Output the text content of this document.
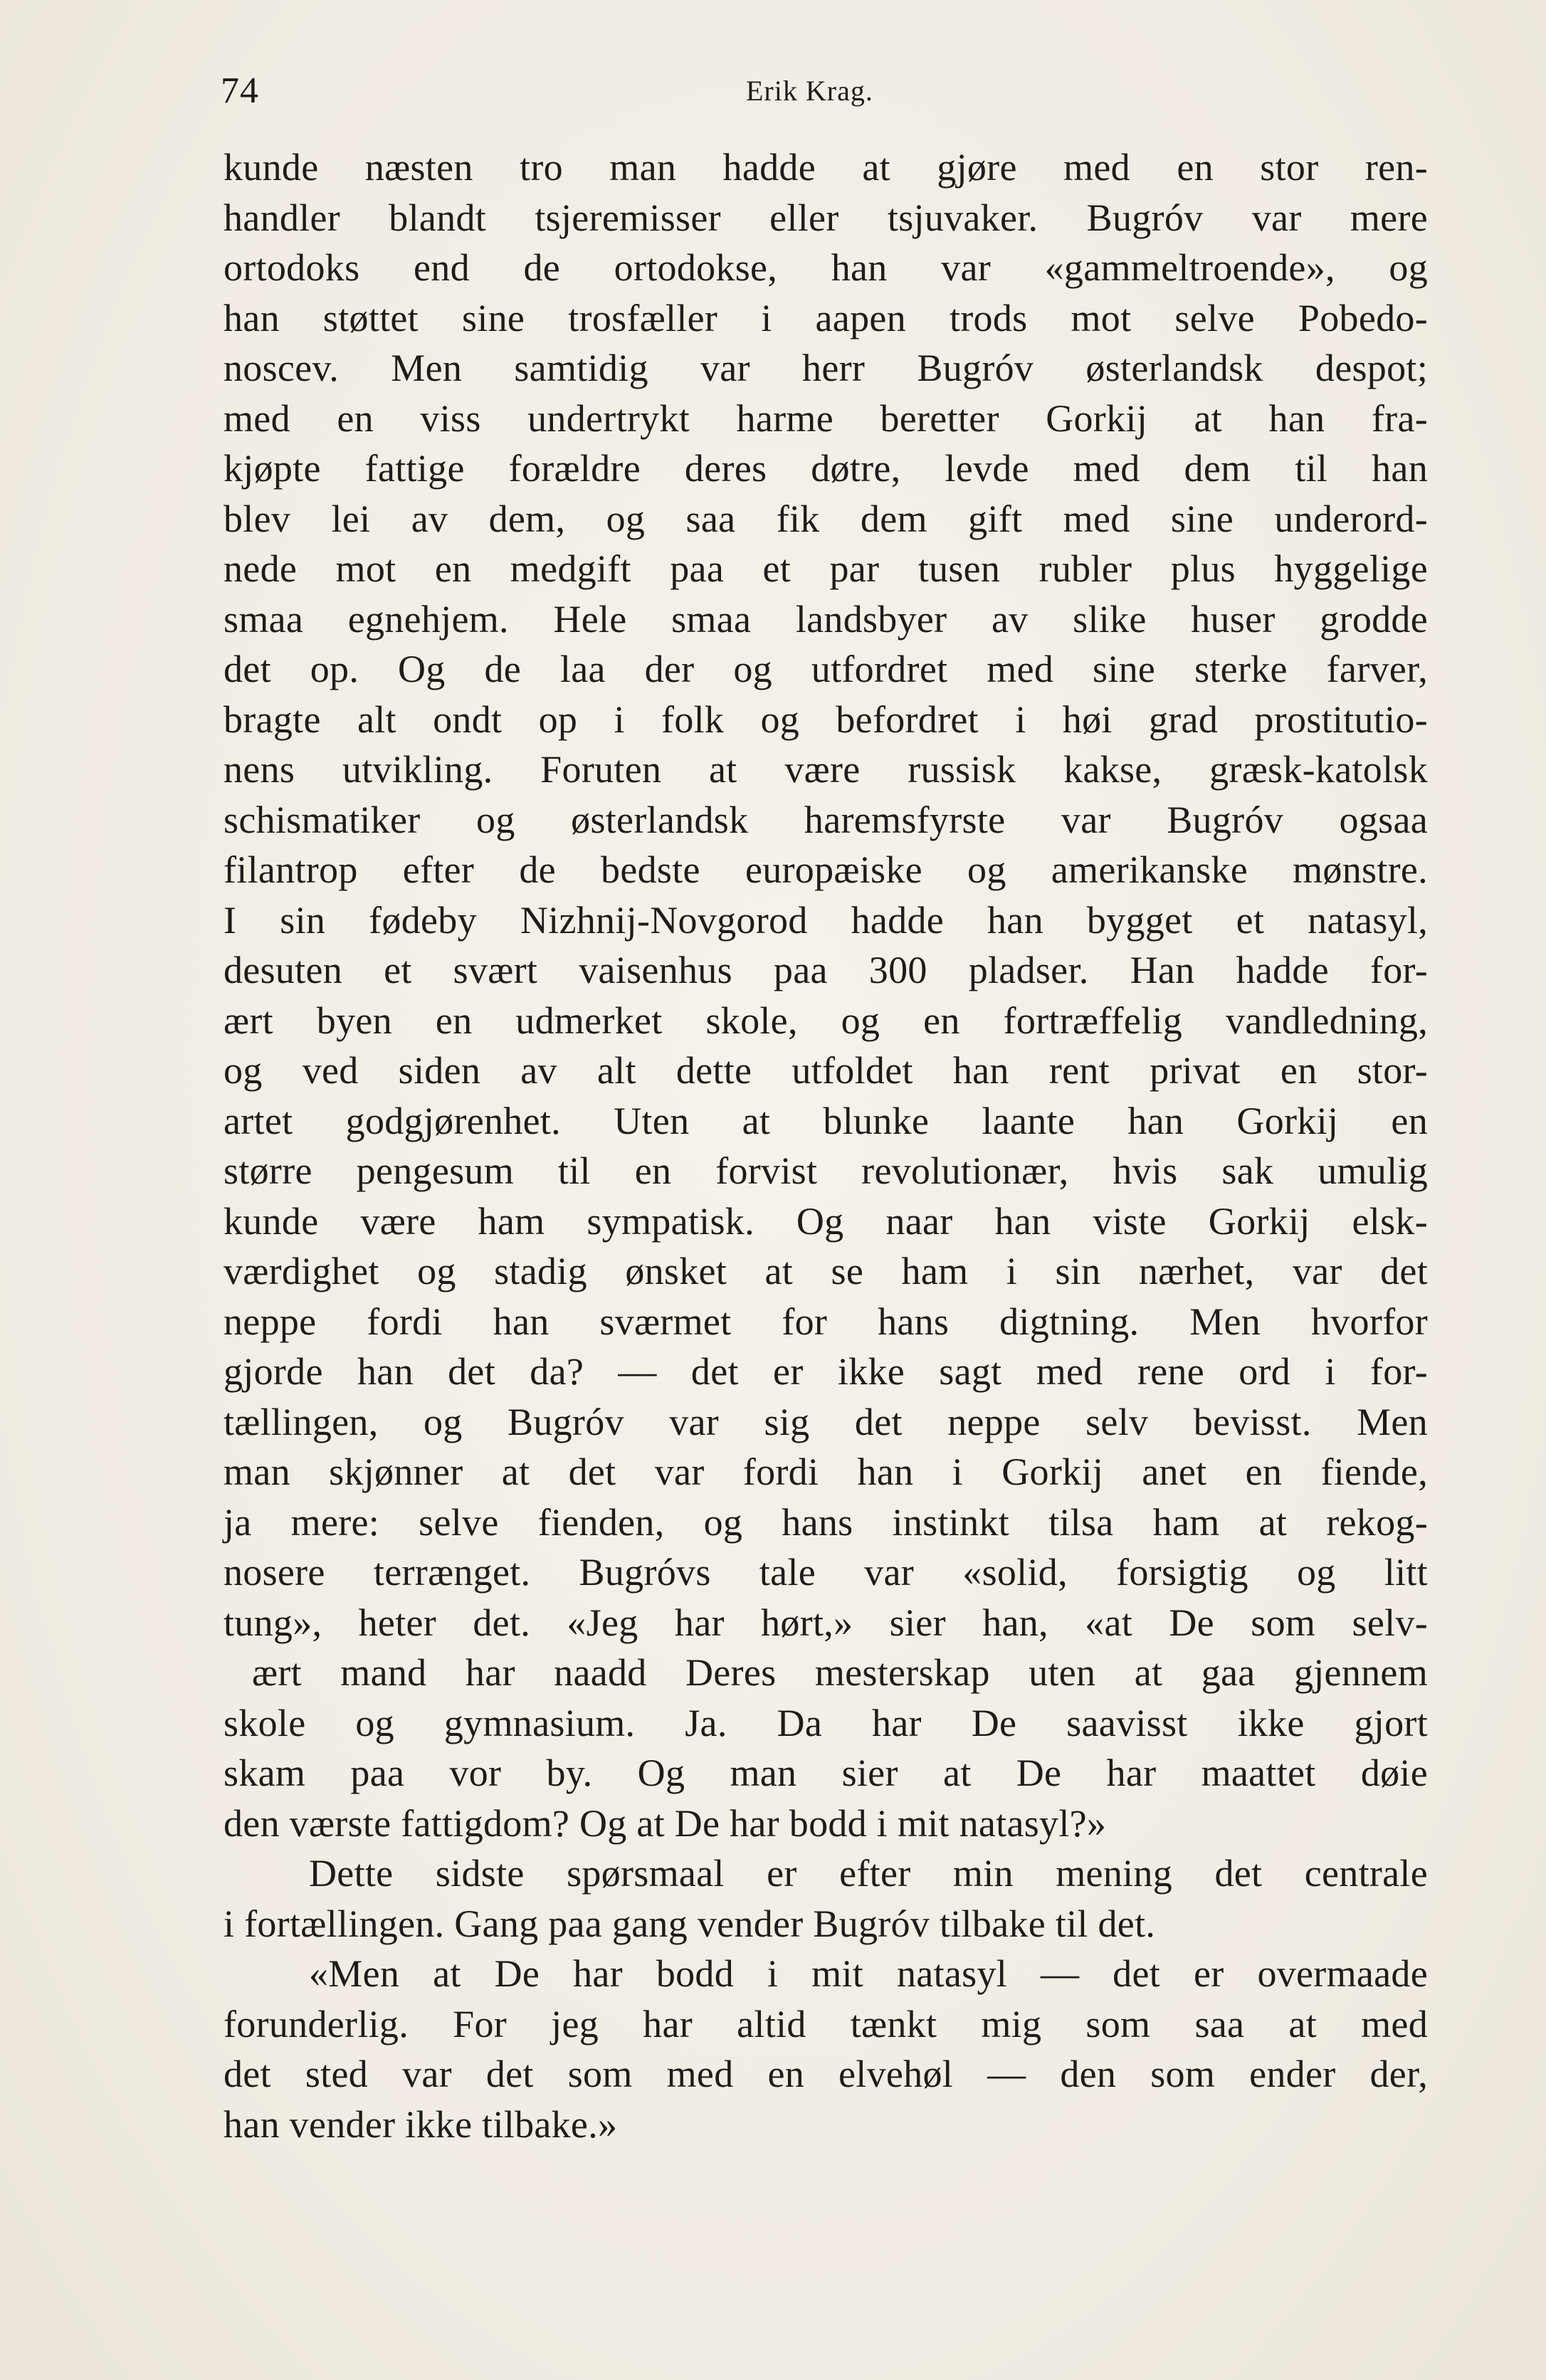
74	Erik Krag.
kunde næsten tro man hadde at gjøre med en stor ren-
handler blandt tsjeremisser eller tsjuvaker. Bugróv var mere
ortodoks end de ortodokse, han var «gammeltroende», og
han støttet sine trosfæller i aapen trods mot selve Pobedo-
noscev. Men samtidig var herr Bugróv østerlandsk despot;
med en viss undertrykt harme beretter Gorkij at han fra-
kjøpte fattige forældre deres døtre, levde med dem til han
blev lei av dem, og saa fik dem gift med sine underord-
nede mot en medgift paa et par tusen rubler plus hyggelige
smaa egnehjem. Hele smaa landsbyer av slike huser grodde
det op. Og de laa der og utfordret med sine sterke farver,
bragte alt ondt op i folk og befordret i høi grad prostitutio-
nens utvikling. Foruten at være russisk kakse, græsk-katolsk
schismatiker og østerlandsk haremsfyrste var Bugróv ogsaa
filantrop efter de bedste europæiske og amerikanske mønstre.
I sin fødeby Nizhnij-Novgorod hadde han bygget et natasyl,
desuten et svært vaisenhus paa 300 pladser. Han hadde for-
ært byen en udmerket skole, og en fortræffelig vandledning,
og ved siden av alt dette utfoldet han rent privat en stor-
artet godgjørenhet. Uten at blunke laante han Gorkij en
større pengesum til en forvist revolutionær, hvis sak umulig
kunde være ham sympatisk. Og naar han viste Gorkij elsk-
værdighet og stadig ønsket at se ham i sin nærhet, var det
neppe fordi han sværmet for hans digtning. Men hvorfor
gjorde han det da? — det er ikke sagt med rene ord i for-
tællingen, og Bugróv var sig det neppe selv bevisst. Men
man skjønner at det var fordi han i Gorkij anet en fiende,
ja mere: selve fienden, og hans instinkt tilsa ham at rekog-
nosere terrænget. Bugróvs tale var «solid, forsigtig og litt
tung», heter det. «Jeg har hørt,» sier han, «at De som selv-
ært mand har naadd Deres mesterskap uten at gaa gjennem
skole og gymnasium. Ja. Da har De saavisst ikke gjort
skam paa vor by. Og man sier at De har maattet døie
den værste fattigdom? Og at De har bodd i mit natasyl?»
Dette sidste spørsmaal er efter min mening det centrale
i fortællingen. Gang paa gang vender Bugróv tilbake til det.
«Men at De har bodd i mit natasyl — det er overmaade
forunderlig. For jeg har altid tænkt mig som saa at med
det sted var det som med en elvehøl — den som ender der,
han vender ikke tilbake.»
